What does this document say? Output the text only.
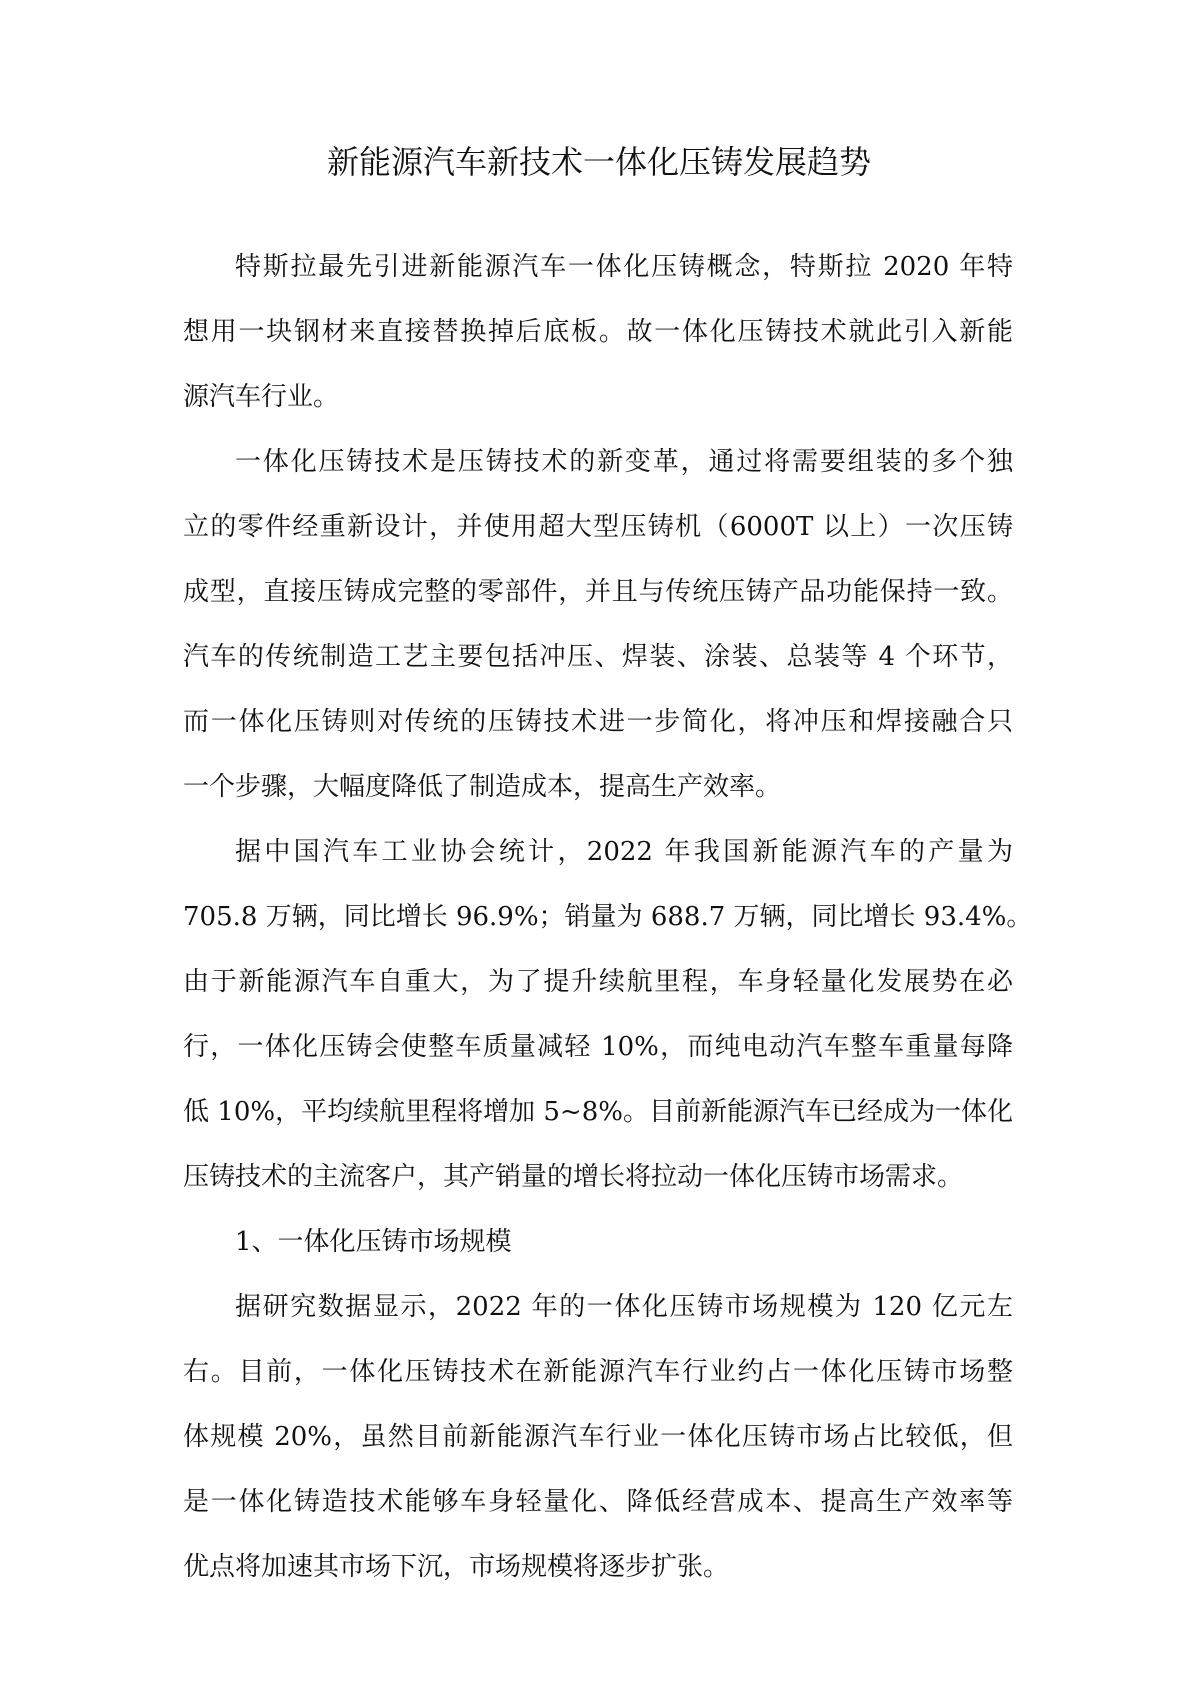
新能源汽车新技术一体化压铸发展趋势

特斯拉最先引进新能源汽车一体化压铸概念，特斯拉 2020 年特
想用一块钢材来直接替换掉后底板。故一体化压铸技术就此引入新能
源汽车行业。

一体化压铸技术是压铸技术的新变革，通过将需要组装的多个独
立的零件经重新设计，并使用超大型压铸机（6000T 以上）一次压铸
成型，直接压铸成完整的零部件，并且与传统压铸产品功能保持一致。
汽车的传统制造工艺主要包括冲压、焊装、涂装、总装等 4 个环节，
而一体化压铸则对传统的压铸技术进一步简化，将冲压和焊接融合只
一个步骤，大幅度降低了制造成本，提高生产效率。

据中国汽车工业协会统计，2022 年我国新能源汽车的产量为
705.8 万辆，同比增长 96.9%；销量为 688.7 万辆，同比增长 93.4%。
由于新能源汽车自重大，为了提升续航里程，车身轻量化发展势在必
行，一体化压铸会使整车质量减轻 10%，而纯电动汽车整车重量每降
低 10%，平均续航里程将增加 5~8%。目前新能源汽车已经成为一体化
压铸技术的主流客户，其产销量的增长将拉动一体化压铸市场需求。

1、一体化压铸市场规模

据研究数据显示，2022 年的一体化压铸市场规模为 120 亿元左
右。目前，一体化压铸技术在新能源汽车行业约占一体化压铸市场整
体规模 20%，虽然目前新能源汽车行业一体化压铸市场占比较低，但
是一体化铸造技术能够车身轻量化、降低经营成本、提高生产效率等
优点将加速其市场下沉，市场规模将逐步扩张。
